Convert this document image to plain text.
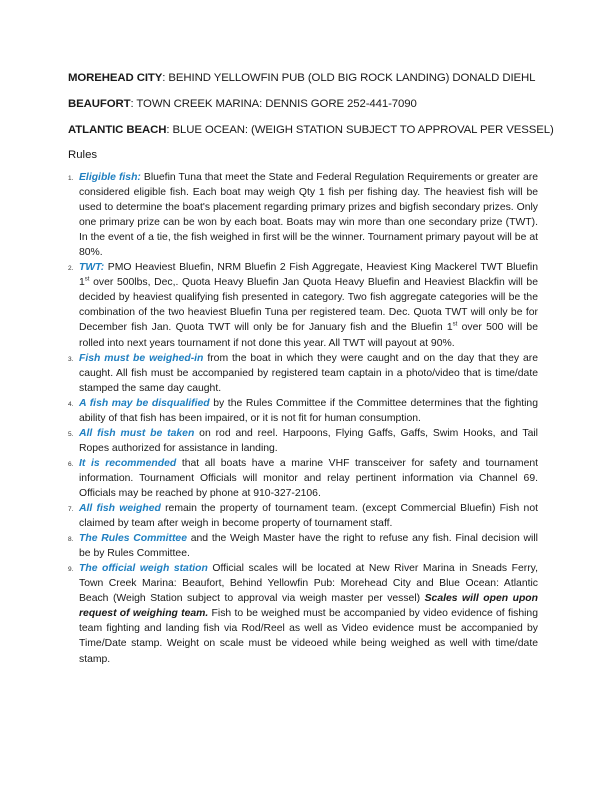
MOREHEAD CITY: BEHIND YELLOWFIN PUB (OLD BIG ROCK LANDING) DONALD DIEHL
BEAUFORT: TOWN CREEK MARINA: DENNIS GORE 252-441-7090
ATLANTIC BEACH: BLUE OCEAN: (WEIGH STATION SUBJECT TO APPROVAL PER VESSEL)
Rules
1. Eligible fish: Bluefin Tuna that meet the State and Federal Regulation Requirements or greater are considered eligible fish. Each boat may weigh Qty 1 fish per fishing day. The heaviest fish will be used to determine the boat's placement regarding primary prizes and bigfish secondary prizes. Only one primary prize can be won by each boat. Boats may win more than one secondary prize (TWT). In the event of a tie, the fish weighed in first will be the winner. Tournament primary payout will be at 80%.
2. TWT: PMO Heaviest Bluefin, NRM Bluefin 2 Fish Aggregate, Heaviest King Mackerel TWT Bluefin 1st over 500lbs, Dec,. Quota Heavy Bluefin Jan Quota Heavy Bluefin and Heaviest Blackfin will be decided by heaviest qualifying fish presented in category. Two fish aggregate categories will be the combination of the two heaviest Bluefin Tuna per registered team. Dec. Quota TWT will only be for December fish Jan. Quota TWT will only be for January fish and the Bluefin 1st over 500 will be rolled into next years tournament if not done this year. All TWT will payout at 90%.
3. Fish must be weighed-in from the boat in which they were caught and on the day that they are caught. All fish must be accompanied by registered team captain in a photo/video that is time/date stamped the same day caught.
4. A fish may be disqualified by the Rules Committee if the Committee determines that the fighting ability of that fish has been impaired, or it is not fit for human consumption.
5. All fish must be taken on rod and reel. Harpoons, Flying Gaffs, Gaffs, Swim Hooks, and Tail Ropes authorized for assistance in landing.
6. It is recommended that all boats have a marine VHF transceiver for safety and tournament information. Tournament Officials will monitor and relay pertinent information via Channel 69. Officials may be reached by phone at 910-327-2106.
7. All fish weighed remain the property of tournament team. (except Commercial Bluefin) Fish not claimed by team after weigh in become property of tournament staff.
8. The Rules Committee and the Weigh Master have the right to refuse any fish. Final decision will be by Rules Committee.
9. The official weigh station Official scales will be located at New River Marina in Sneads Ferry, Town Creek Marina: Beaufort, Behind Yellowfin Pub: Morehead City and Blue Ocean: Atlantic Beach (Weigh Station subject to approval via weigh master per vessel) Scales will open upon request of weighing team. Fish to be weighed must be accompanied by video evidence of fishing team fighting and landing fish via Rod/Reel as well as Video evidence must be accompanied by Time/Date stamp. Weight on scale must be videoed while being weighed as well with time/date stamp.
